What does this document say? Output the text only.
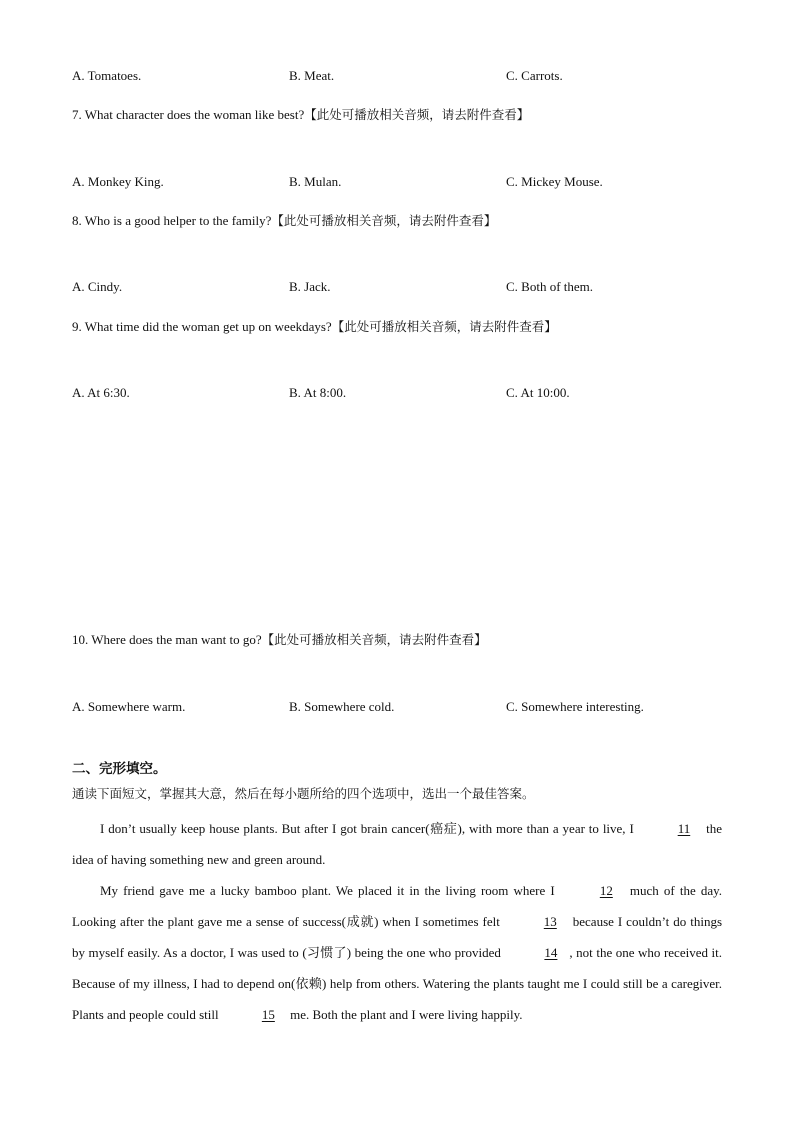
A. Tomatoes.	B. Meat.	C. Carrots.
7. What character does the woman like best?【此处可播放相关音频，请去附件查看】
A. Monkey King.	B. Mulan.	C. Mickey Mouse.
8. Who is a good helper to the family?【此处可播放相关音频，请去附件查看】
A. Cindy.	B. Jack.	C. Both of them.
9. What time did the woman get up on weekdays?【此处可播放相关音频，请去附件查看】
A. At 6:30.	B. At 8:00.	C. At 10:00.
10. Where does the man want to go?【此处可播放相关音频，请去附件查看】
A. Somewhere warm.	B. Somewhere cold.	C. Somewhere interesting.
二、完形填空。
通读下面短文，掌握其大意，然后在每小题所给的四个选项中，选出一个最佳答案。

I don’t usually keep house plants. But after I got brain cancer(癌症), with more than a year to live, I	11 the idea of having something new and green around.

My friend gave me a lucky bamboo plant. We placed it in the living room where I	12 much of the day. Looking after the plant gave me a sense of success(成就) when I sometimes felt	13 because I couldn’t do things by myself easily. As a doctor, I was used to (习惯了) being the one who provided	14 , not the one who received it. Because of my illness, I had to depend on(依赖) help from others. Watering the plants taught me I could still be a caregiver. Plants and people could still	15 me. Both the plant and I were living happily.
